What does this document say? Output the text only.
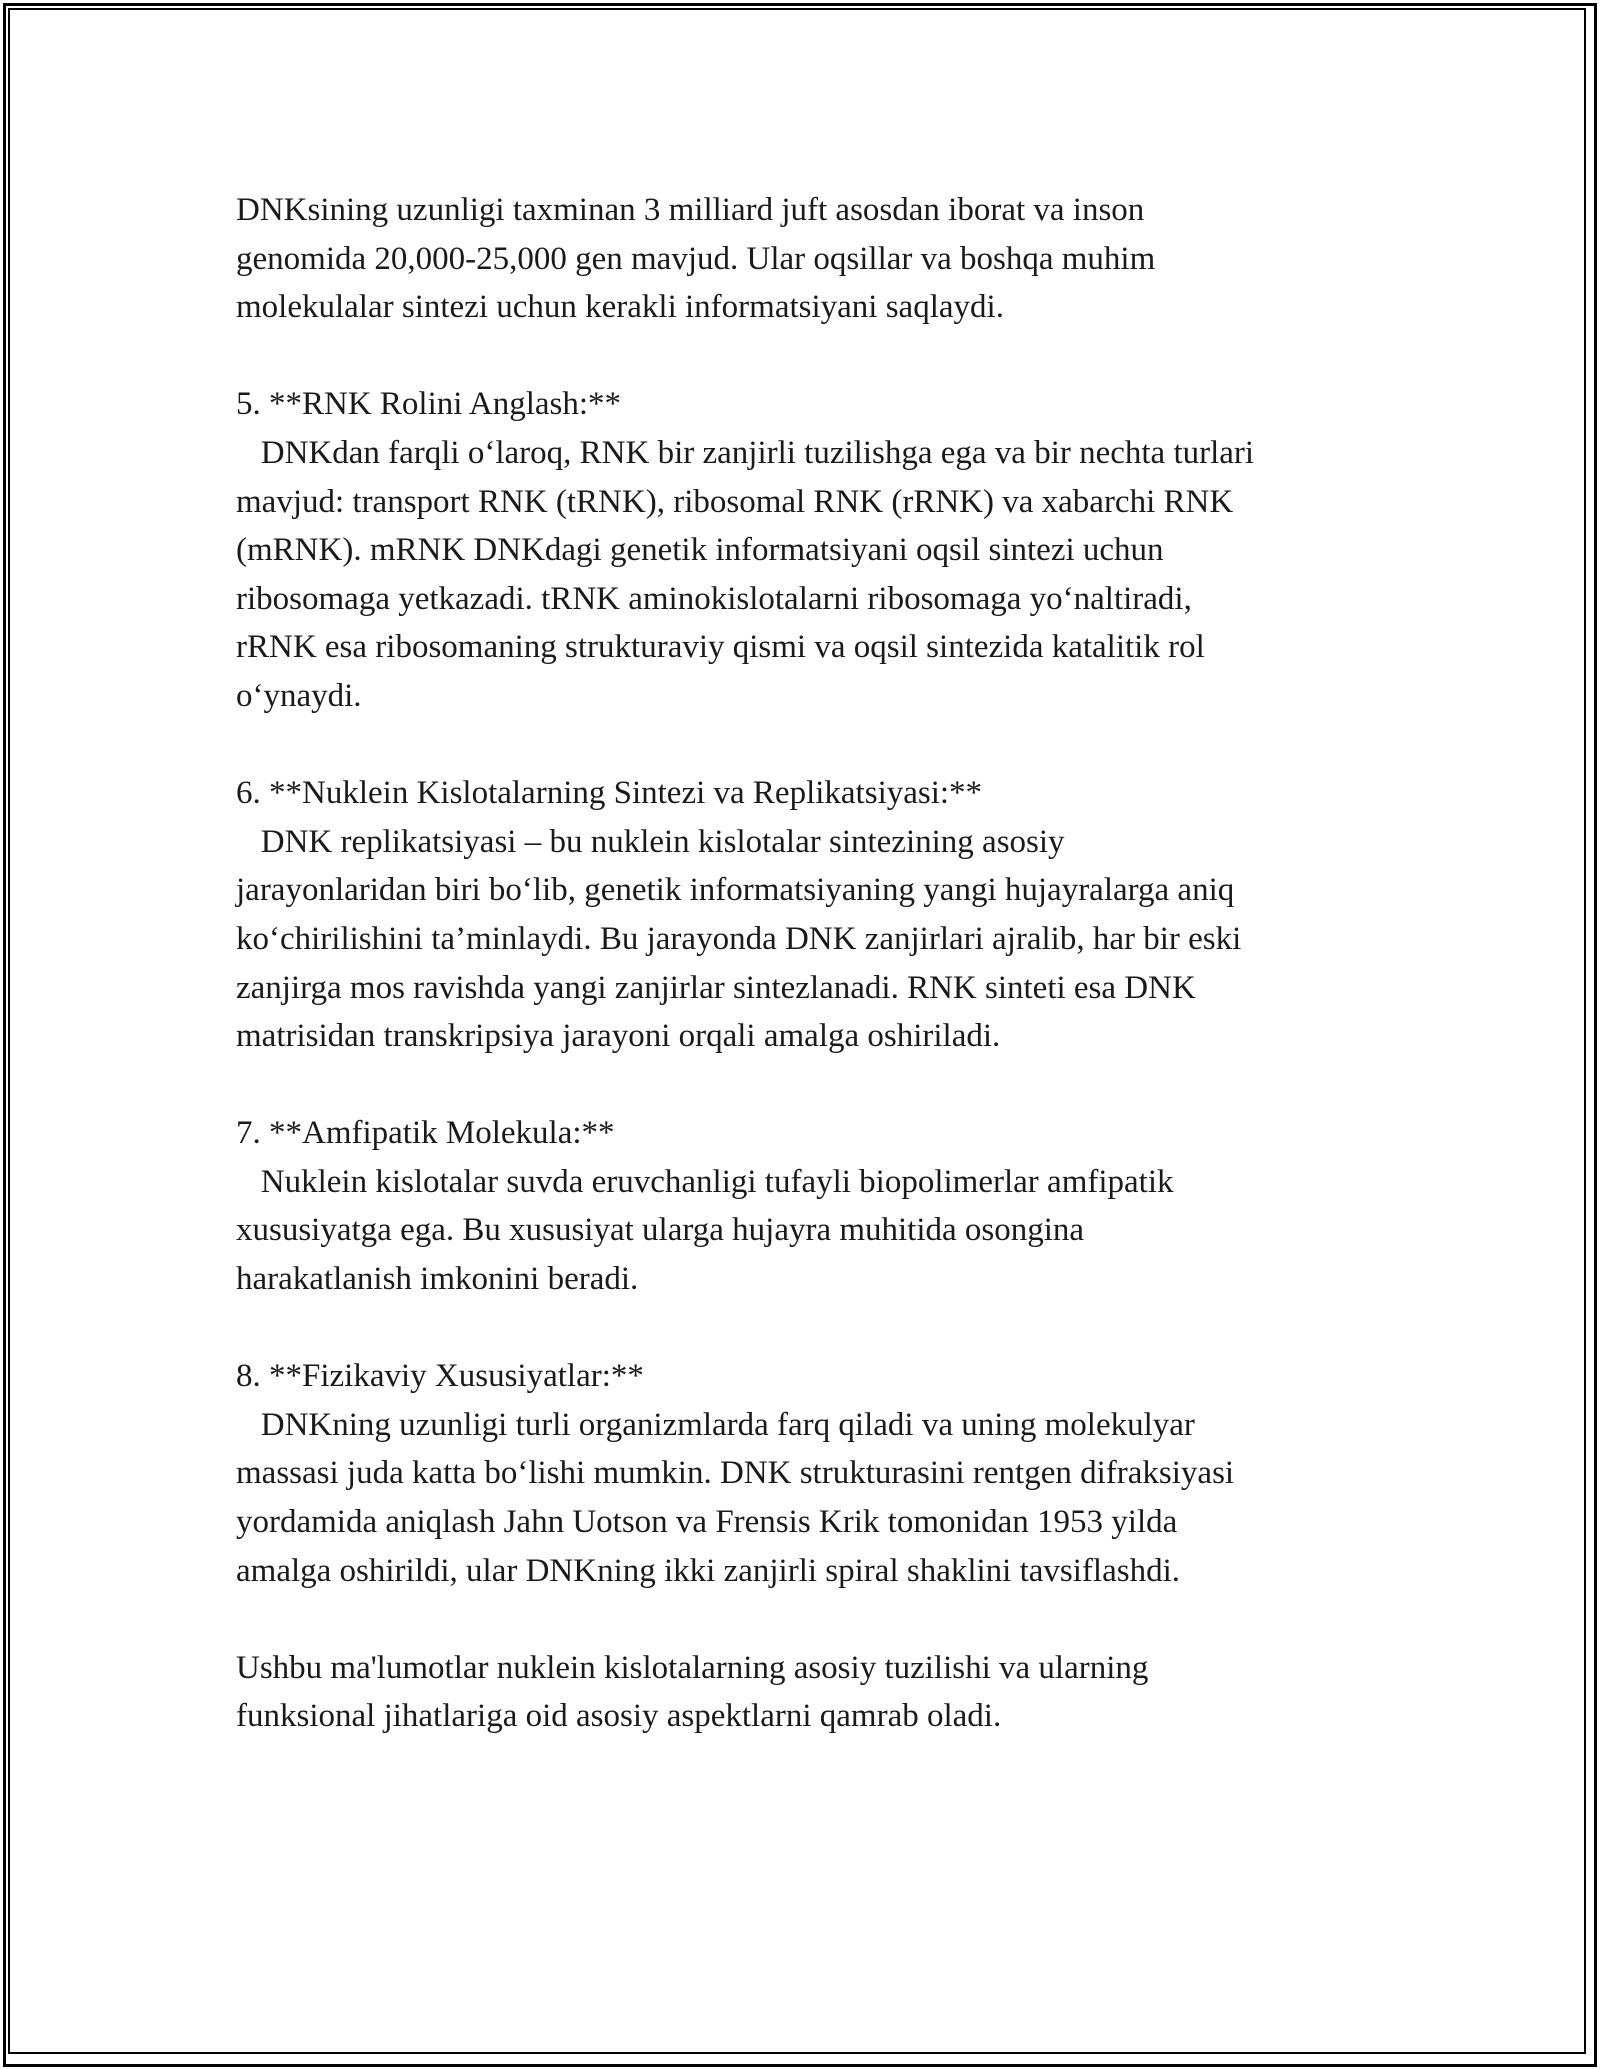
DNKsining uzunligi taxminan 3 milliard juft asosdan iborat va inson
genomida 20,000-25,000 gen mavjud. Ular oqsillar va boshqa muhim
molekulalar sintezi uchun kerakli informatsiyani saqlaydi.
5. **RNK Rolini Anglash:**
DNKdan farqli o‘laroq, RNK bir zanjirli tuzilishga ega va bir nechta turlari
mavjud: transport RNK (tRNK), ribosomal RNK (rRNK) va xabarchi RNK
(mRNK). mRNK DNKdagi genetik informatsiyani oqsil sintezi uchun
ribosomaga yetkazadi. tRNK aminokislotalarni ribosomaga yo‘naltiradi,
rRNK esa ribosomaning strukturaviy qismi va oqsil sintezida katalitik rol
o‘ynaydi.
6. **Nuklein Kislotalarning Sintezi va Replikatsiyasi:**
DNK replikatsiyasi – bu nuklein kislotalar sintezining asosiy
jarayonlaridan biri bo‘lib, genetik informatsiyaning yangi hujayralarga aniq
ko‘chirilishini ta’minlaydi. Bu jarayonda DNK zanjirlari ajralib, har bir eski
zanjirga mos ravishda yangi zanjirlar sintezlanadi. RNK sinteti esa DNK
matrisidan transkripsiya jarayoni orqali amalga oshiriladi.
7. **Amfipatik Molekula:**
Nuklein kislotalar suvda eruvchanligi tufayli biopolimerlar amfipatik
xususiyatga ega. Bu xususiyat ularga hujayra muhitida osongina
harakatlanish imkonini beradi.
8. **Fizikaviy Xususiyatlar:**
DNKning uzunligi turli organizmlarda farq qiladi va uning molekulyar
massasi juda katta bo‘lishi mumkin. DNK strukturasini rentgen difraksiyasi
yordamida aniqlash Jahn Uotson va Frensis Krik tomonidan 1953 yilda
amalga oshirildi, ular DNKning ikki zanjirli spiral shaklini tavsiflashdi.
Ushbu ma'lumotlar nuklein kislotalarning asosiy tuzilishi va ularning
funksional jihatlariga oid asosiy aspektlarni qamrab oladi.
